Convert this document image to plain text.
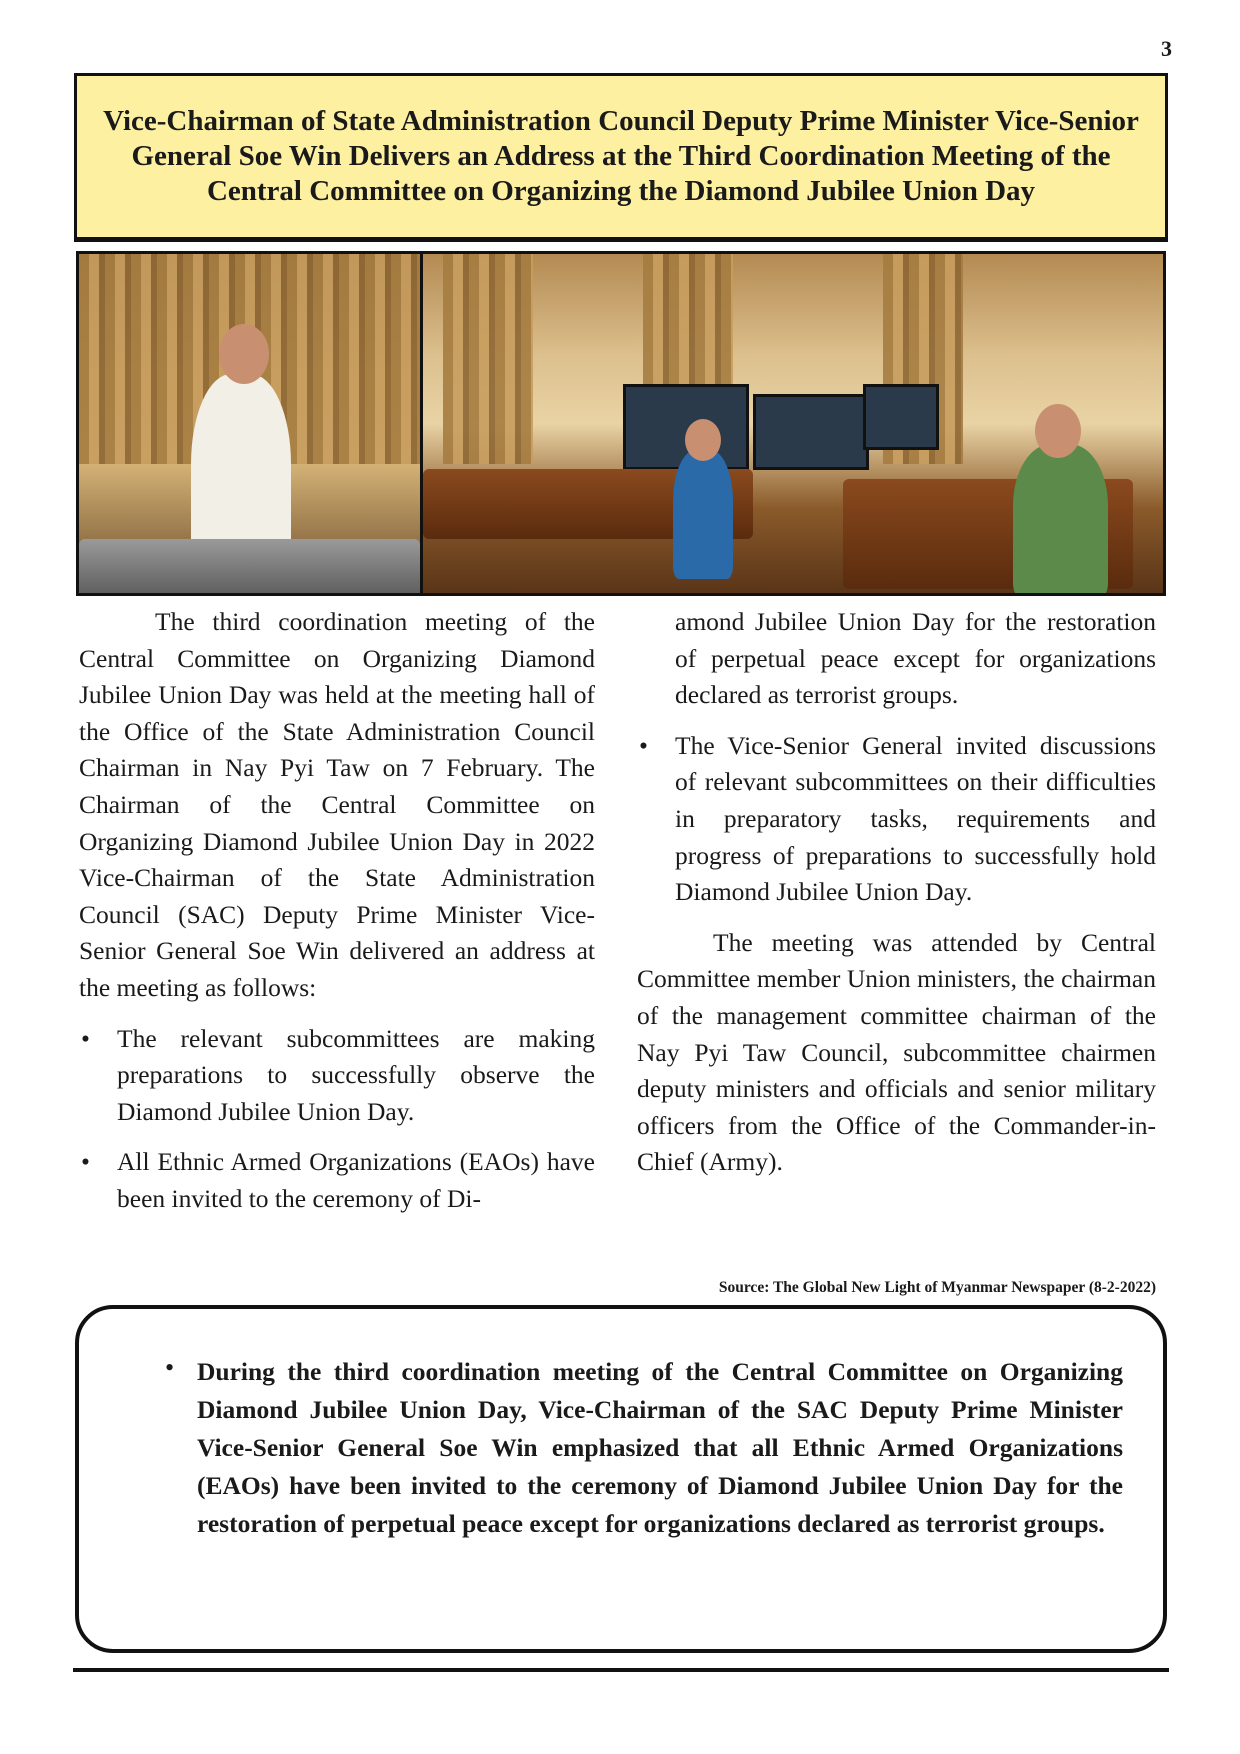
3
Vice-Chairman of State Administration Council Deputy Prime Minister Vice-Senior General Soe Win Delivers an Address at the Third Coordination Meeting of the Central Committee on Organizing the Diamond Jubilee Union Day

The third coordination meeting of the Central Committee on Organizing Diamond Jubilee Union Day was held at the meeting hall of the Office of the State Administration Council Chairman in Nay Pyi Taw on 7 February. The Chairman of the Central Committee on Organizing Diamond Jubilee Union Day in 2022 Vice-Chairman of the State Administration Council (SAC) Deputy Prime Minister Vice-Senior General Soe Win delivered an address at the meeting as follows:

• The relevant subcommittees are making preparations to successfully observe the Diamond Jubilee Union Day.
• All Ethnic Armed Organizations (EAOs) have been invited to the ceremony of Di-

amond Jubilee Union Day for the restoration of perpetual peace except for organizations declared as terrorist groups.

• The Vice-Senior General invited discussions of relevant subcommittees on their difficulties in preparatory tasks, requirements and progress of preparations to successfully hold Diamond Jubilee Union Day.

The meeting was attended by Central Committee member Union ministers, the chairman of the management committee chairman of the Nay Pyi Taw Council, subcommittee chairmen deputy ministers and officials and senior military officers from the Office of the Commander-in-Chief (Army).

Source: The Global New Light of Myanmar Newspaper (8-2-2022)
• During the third coordination meeting of the Central Committee on Organizing Diamond Jubilee Union Day, Vice-Chairman of the SAC Deputy Prime Minister Vice-Senior General Soe Win emphasized that all Ethnic Armed Organizations (EAOs) have been invited to the ceremony of Diamond Jubilee Union Day for the restoration of perpetual peace except for organizations declared as terrorist groups.
